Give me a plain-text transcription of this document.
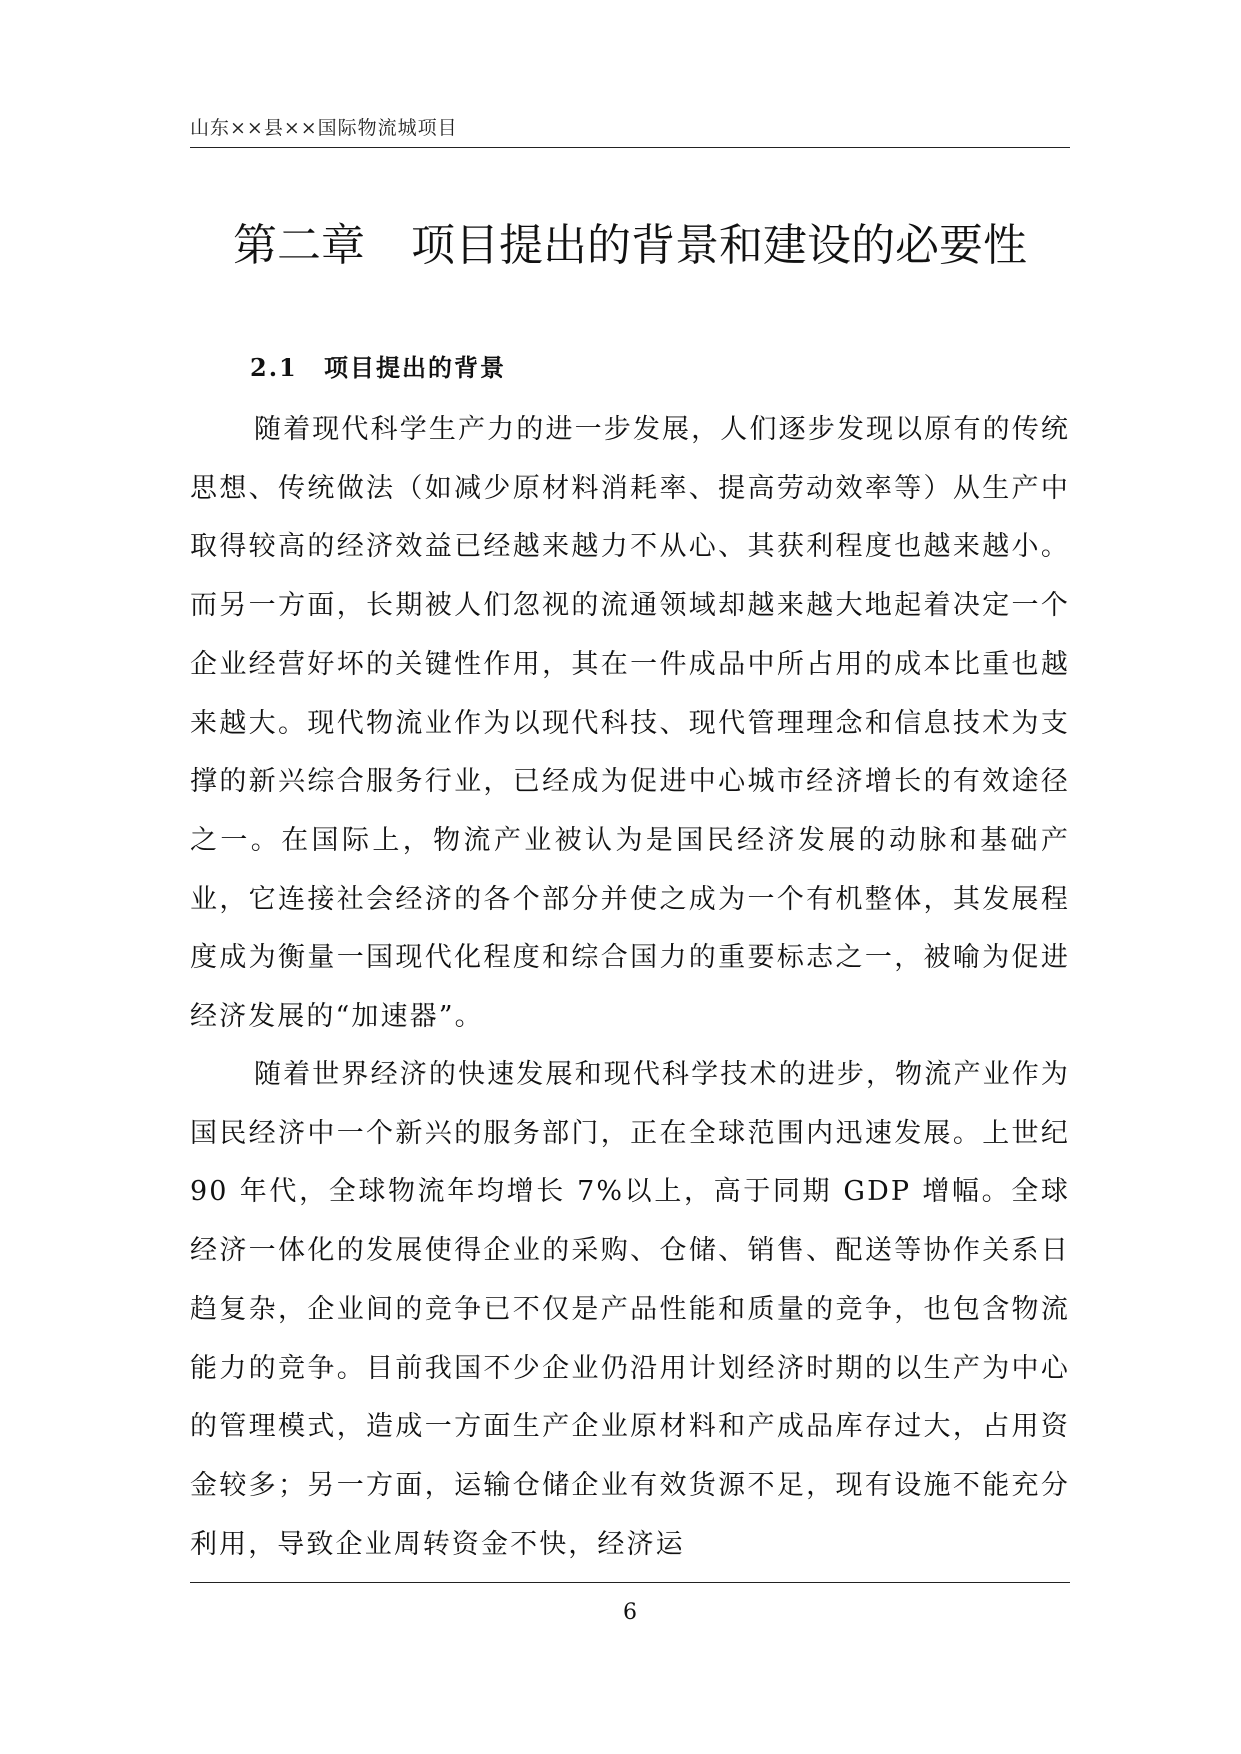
山东××县××国际物流城项目
第二章 项目提出的背景和建设的必要性
2.1 项目提出的背景

随着现代科学生产力的进一步发展，人们逐步发现以原有的传统思想、传统做法（如减少原材料消耗率、提高劳动效率等）从生产中取得较高的经济效益已经越来越力不从心、其获利程度也越来越小。而另一方面，长期被人们忽视的流通领域却越来越大地起着决定一个企业经营好坏的关键性作用，其在一件成品中所占用的成本比重也越来越大。现代物流业作为以现代科技、现代管理理念和信息技术为支撑的新兴综合服务行业，已经成为促进中心城市经济增长的有效途径之一。在国际上，物流产业被认为是国民经济发展的动脉和基础产业，它连接社会经济的各个部分并使之成为一个有机整体，其发展程度成为衡量一国现代化程度和综合国力的重要标志之一，被喻为促进经济发展的“加速器”。

随着世界经济的快速发展和现代科学技术的进步，物流产业作为国民经济中一个新兴的服务部门，正在全球范围内迅速发展。上世纪 90 年代，全球物流年均增长 7%以上，高于同期 GDP 增幅。全球经济一体化的发展使得企业的采购、仓储、销售、配送等协作关系日趋复杂，企业间的竞争已不仅是产品性能和质量的竞争，也包含物流能力的竞争。目前我国不少企业仍沿用计划经济时期的以生产为中心的管理模式，造成一方面生产企业原材料和产成品库存过大，占用资金较多；另一方面，运输仓储企业有效货源不足，现有设施不能充分利用，导致企业周转资金不快，经济运

6
